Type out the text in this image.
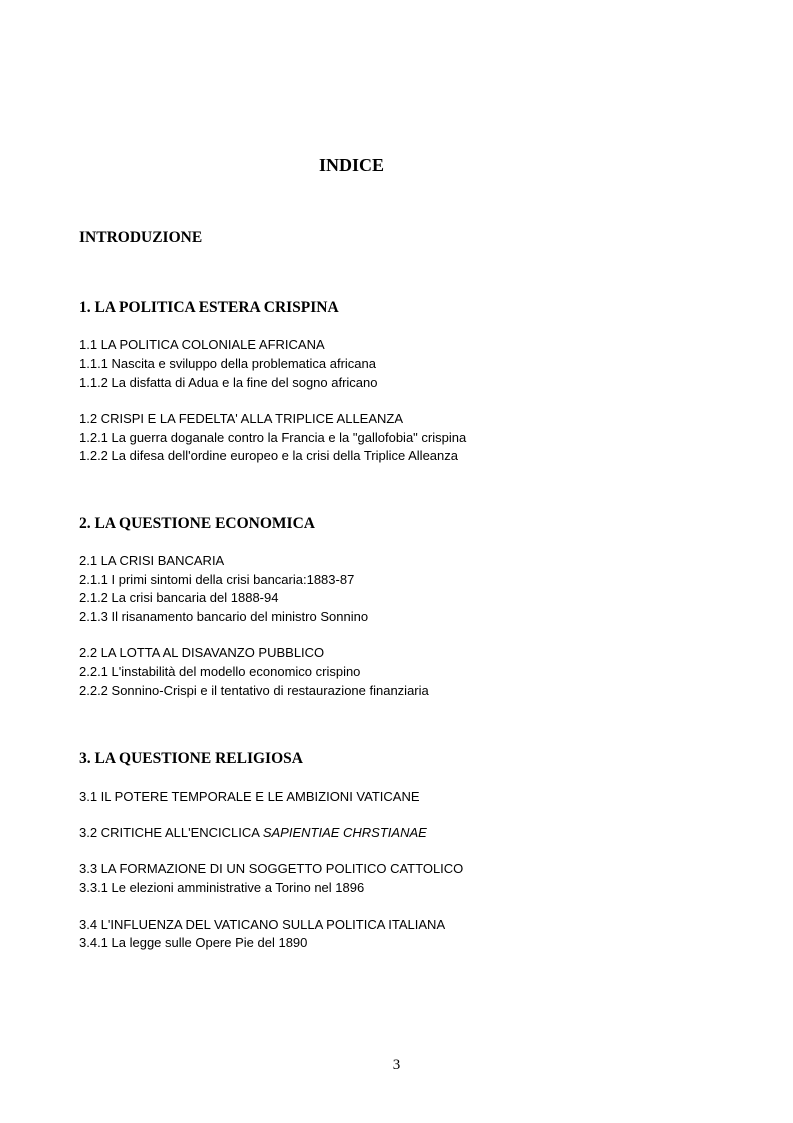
INDICE
INTRODUZIONE
1. LA POLITICA ESTERA CRISPINA
1.1 LA POLITICA COLONIALE AFRICANA
1.1.1 Nascita e sviluppo della problematica africana
1.1.2 La disfatta di Adua e la fine del sogno africano
1.2 CRISPI E LA FEDELTA' ALLA TRIPLICE ALLEANZA
1.2.1 La guerra doganale contro la Francia e la "gallofobia" crispina
1.2.2 La difesa dell'ordine europeo e la crisi della Triplice Alleanza
2. LA QUESTIONE ECONOMICA
2.1 LA CRISI BANCARIA
2.1.1 I primi sintomi della crisi bancaria:1883-87
2.1.2 La crisi bancaria del 1888-94
2.1.3 Il risanamento bancario del ministro Sonnino
2.2 LA LOTTA AL DISAVANZO PUBBLICO
2.2.1 L'instabilità del modello economico crispino
2.2.2 Sonnino-Crispi e il tentativo di restaurazione finanziaria
3. LA QUESTIONE RELIGIOSA
3.1 IL POTERE TEMPORALE E LE AMBIZIONI VATICANE
3.2 CRITICHE ALL'ENCICLICA SAPIENTIAE CHRSTIANAE
3.3 LA FORMAZIONE DI UN SOGGETTO POLITICO CATTOLICO
3.3.1 Le elezioni amministrative a Torino nel 1896
3.4 L'INFLUENZA DEL VATICANO SULLA POLITICA ITALIANA
3.4.1 La legge sulle Opere Pie del 1890
3
